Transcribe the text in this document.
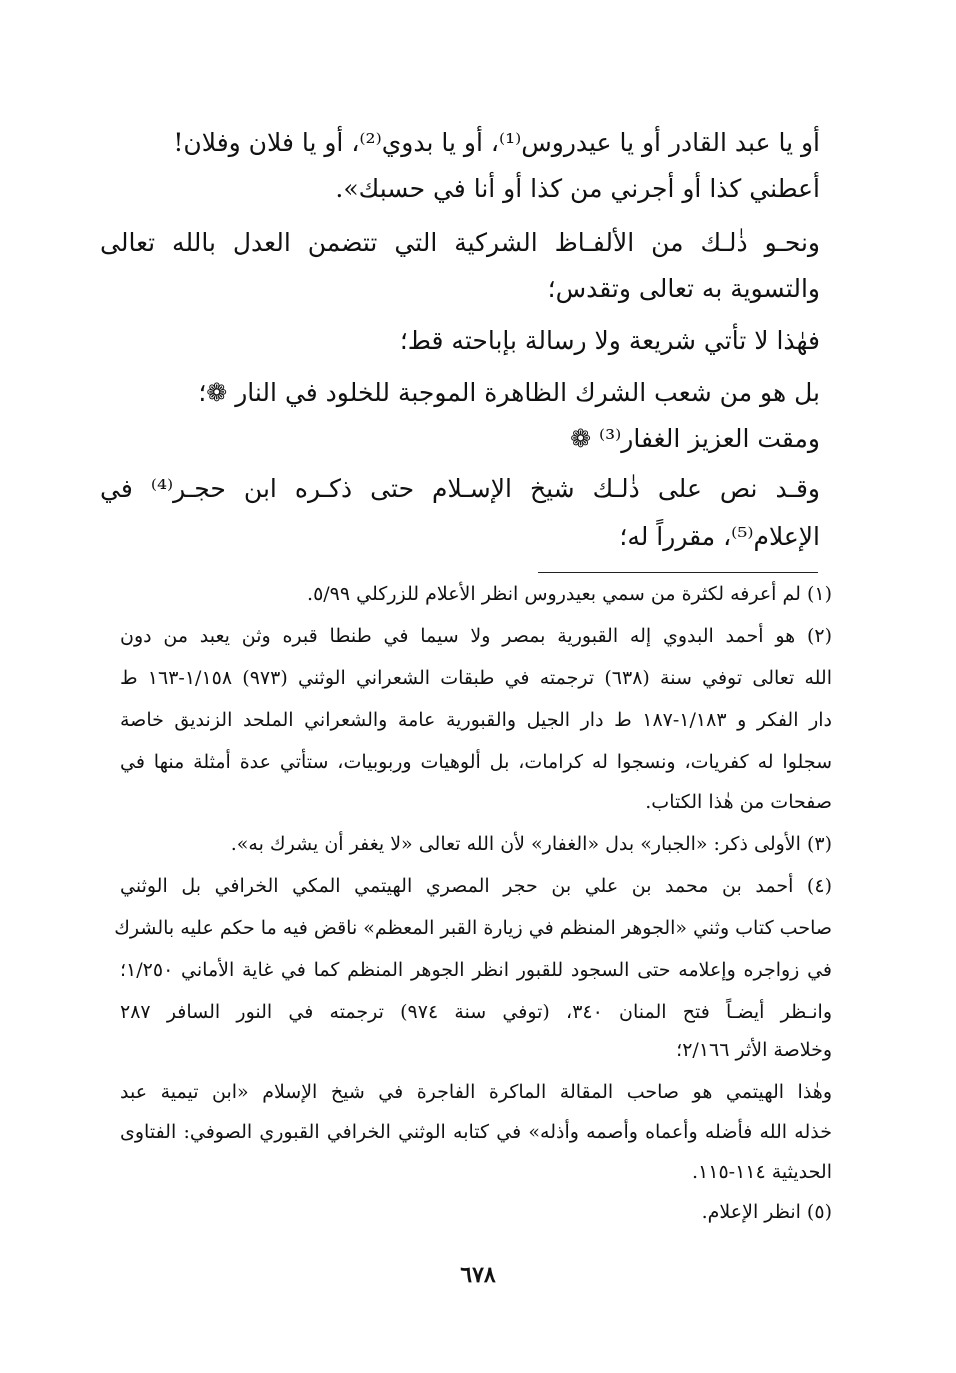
أو يا عبد القادر أو يا عيدروس⁽¹⁾، أو يا بدوي⁽²⁾، أو يا فلان وفلان!
أعطني كذا أو أجرني من كذا أو أنا في حسبك».
ونحـو ذٰلـك من الألفـاظ الشركية التي تتضمن العدل بالله تعالى
والتسوية به تعالى وتقدس؛
فهٰذا لا تأتي شريعة ولا رسالة بإباحته قط؛
بل هو من شعب الشرك الظاهرة الموجبة للخلود في النار ❁؛
ومقت العزيز الغفار⁽³⁾ ❁
وقـد نص على ذٰلـك شيخ الإسـلام حتى ذكـره ابن حجـر⁽⁴⁾ في
الإعلام⁽⁵⁾، مقرراً له؛
(١) لم أعرفه لكثرة من سمي بعيدروس انظر الأعلام للزركلي ٥/٩٩.
(٢) هو أحمد البدوي إله القبورية بمصر ولا سيما في طنطا قبره وثن يعبد من دون
الله تعالى توفي سنة (٦٣٨) ترجمته في طبقات الشعراني الوثني (٩٧٣) ١/١٥٨-١٦٣ ط
دار الفكر و ١/١٨٣-١٨٧ ط دار الجيل والقبورية عامة والشعراني الملحد الزنديق خاصة
سجلوا له كفريات، ونسجوا له كرامات، بل ألوهيات وربوبيات، ستأتي عدة أمثلة منها في
صفحات من هٰذا الكتاب.
(٣) الأولى ذكر: «الجبار» بدل «الغفار» لأن الله تعالى «لا يغفر أن يشرك به».
(٤) أحمد بن محمد بن علي بن حجر المصري الهيتمي المكي الخرافي بل الوثني
صاحب كتاب وثني «الجوهر المنظم في زيارة القبر المعظم» ناقض فيه ما حكم عليه بالشرك
في زواجره وإعلامه حتى السجود للقبور انظر الجوهر المنظم كما في غاية الأماني ١/٢٥٠؛
وانـظر أيضـاً فتح المنان ٣٤٠، (توفي سنة ٩٧٤) ترجمته في النور السافر ٢٨٧
وخلاصة الأثر ٢/١٦٦؛
وهٰذا الهيتمي هو صاحب المقالة الماكرة الفاجرة في شيخ الإسلام «ابن تيمية عبد
خذله الله فأضله وأعماه وأصمه وأذله» في كتابه الوثني الخرافي القبوري الصوفي: الفتاوى
الحديثية ١١٤-١١٥.
(٥) انظر الإعلام.
٦٧٨
